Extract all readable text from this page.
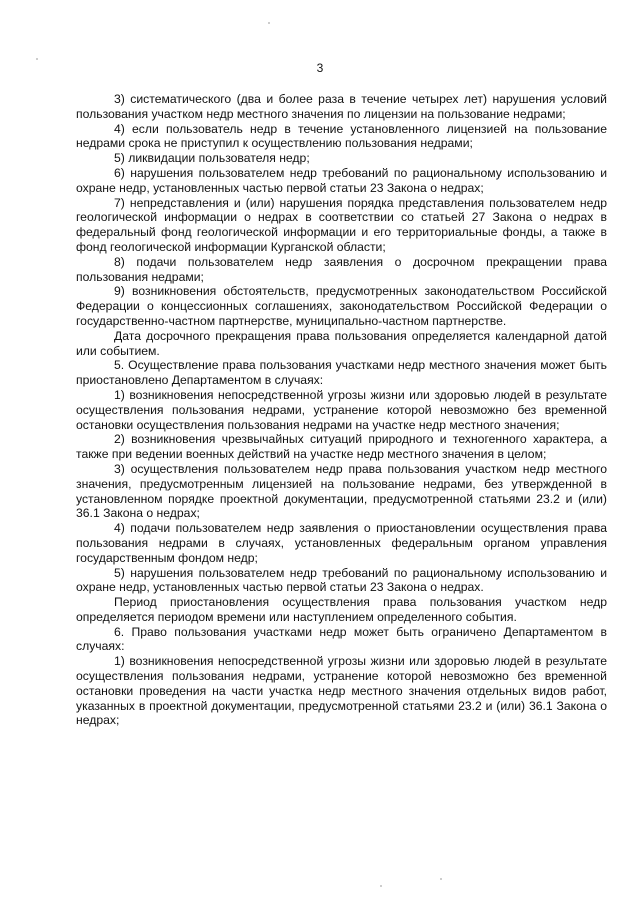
3

3) систематического (два и более раза в течение четырех лет) нарушения условий пользования участком недр местного значения по лицензии на пользование недрами;

4) если пользователь недр в течение установленного лицензией на пользование недрами срока не приступил к осуществлению пользования недрами;

5) ликвидации пользователя недр;

6) нарушения пользователем недр требований по рациональному использованию и охране недр, установленных частью первой статьи 23 Закона о недрах;

7) непредставления и (или) нарушения порядка представления пользователем недр геологической информации о недрах в соответствии со статьей 27 Закона о недрах в федеральный фонд геологической информации и его территориальные фонды, а также в фонд геологической информации Курганской области;

8) подачи пользователем недр заявления о досрочном прекращении права пользования недрами;

9) возникновения обстоятельств, предусмотренных законодательством Российской Федерации о концессионных соглашениях, законодательством Российской Федерации о государственно-частном партнерстве, муниципально-частном партнерстве.

Дата досрочного прекращения права пользования определяется календарной датой или событием.

5. Осуществление права пользования участками недр местного значения может быть приостановлено Департаментом в случаях:

1) возникновения непосредственной угрозы жизни или здоровью людей в результате осуществления пользования недрами, устранение которой невозможно без временной остановки осуществления пользования недрами на участке недр местного значения;

2) возникновения чрезвычайных ситуаций природного и техногенного характера, а также при ведении военных действий на участке недр местного значения в целом;

3) осуществления пользователем недр права пользования участком недр местного значения, предусмотренным лицензией на пользование недрами, без утвержденной в установленном порядке проектной документации, предусмотренной статьями 23.2 и (или) 36.1 Закона о недрах;

4) подачи пользователем недр заявления о приостановлении осуществления права пользования недрами в случаях, установленных федеральным органом управления государственным фондом недр;

5) нарушения пользователем недр требований по рациональному использованию и охране недр, установленных частью первой статьи 23 Закона о недрах.

Период приостановления осуществления права пользования участком недр определяется периодом времени или наступлением определенного события.

6. Право пользования участками недр может быть ограничено Департаментом в случаях:

1) возникновения непосредственной угрозы жизни или здоровью людей в результате осуществления пользования недрами, устранение которой невозможно без временной остановки проведения на части участка недр местного значения отдельных видов работ, указанных в проектной документации, предусмотренной статьями 23.2 и (или) 36.1 Закона о недрах;
